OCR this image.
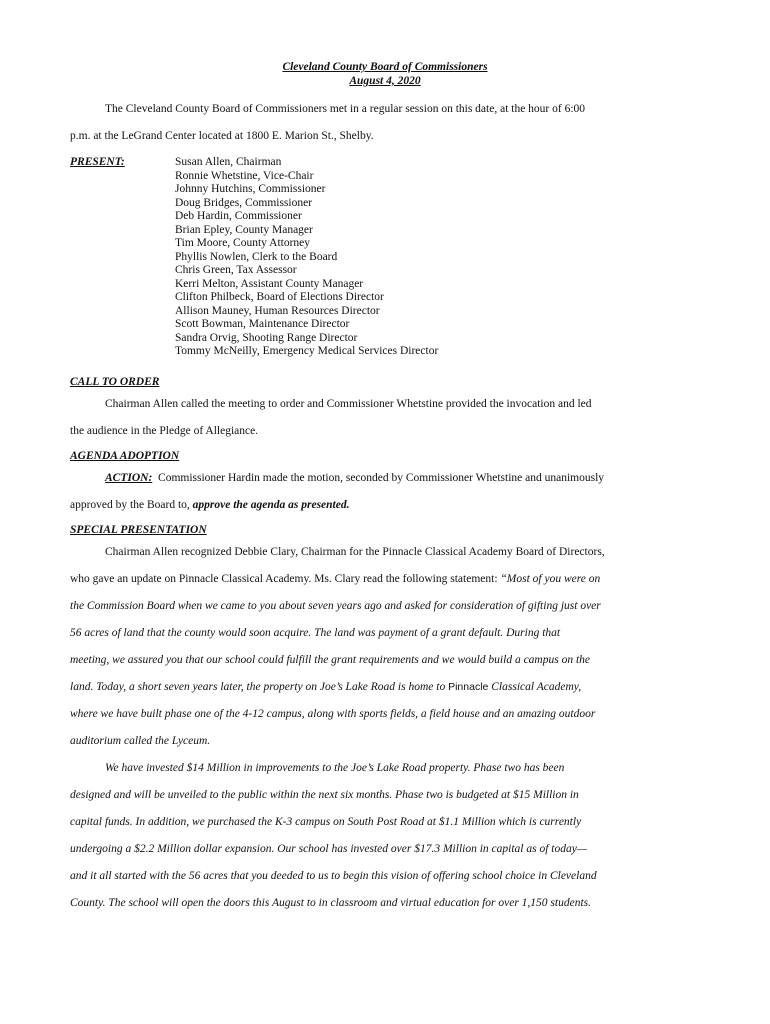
Cleveland County Board of Commissioners
August 4, 2020

The Cleveland County Board of Commissioners met in a regular session on this date, at the hour of 6:00

p.m. at the LeGrand Center located at 1800 E. Marion St., Shelby.

PRESENT:	Susan Allen, Chairman
Ronnie Whetstine, Vice-Chair
Johnny Hutchins, Commissioner
Doug Bridges, Commissioner
Deb Hardin, Commissioner
Brian Epley, County Manager
Tim Moore, County Attorney
Phyllis Nowlen, Clerk to the Board
Chris Green, Tax Assessor
Kerri Melton, Assistant County Manager
Clifton Philbeck, Board of Elections Director
Allison Mauney, Human Resources Director
Scott Bowman, Maintenance Director
Sandra Orvig, Shooting Range Director
Tommy McNeilly, Emergency Medical Services Director
CALL TO ORDER

Chairman Allen called the meeting to order and Commissioner Whetstine provided the invocation and led

the audience in the Pledge of Allegiance.

AGENDA ADOPTION

ACTION: Commissioner Hardin made the motion, seconded by Commissioner Whetstine and unanimously

approved by the Board to, approve the agenda as presented.

SPECIAL PRESENTATION

Chairman Allen recognized Debbie Clary, Chairman for the Pinnacle Classical Academy Board of Directors,

who gave an update on Pinnacle Classical Academy. Ms. Clary read the following statement: “Most of you were on

the Commission Board when we came to you about seven years ago and asked for consideration of gifting just over

56 acres of land that the county would soon acquire. The land was payment of a grant default. During that

meeting, we assured you that our school could fulfill the grant requirements and we would build a campus on the

land. Today, a short seven years later, the property on Joe’s Lake Road is home to Pinnacle Classical Academy,

where we have built phase one of the 4-12 campus, along with sports fields, a field house and an amazing outdoor

auditorium called the Lyceum.

We have invested $14 Million in improvements to the Joe’s Lake Road property. Phase two has been

designed and will be unveiled to the public within the next six months. Phase two is budgeted at $15 Million in

capital funds. In addition, we purchased the K-3 campus on South Post Road at $1.1 Million which is currently

undergoing a $2.2 Million dollar expansion. Our school has invested over $17.3 Million in capital as of today—

and it all started with the 56 acres that you deeded to us to begin this vision of offering school choice in Cleveland

County. The school will open the doors this August to in classroom and virtual education for over 1,150 students.
